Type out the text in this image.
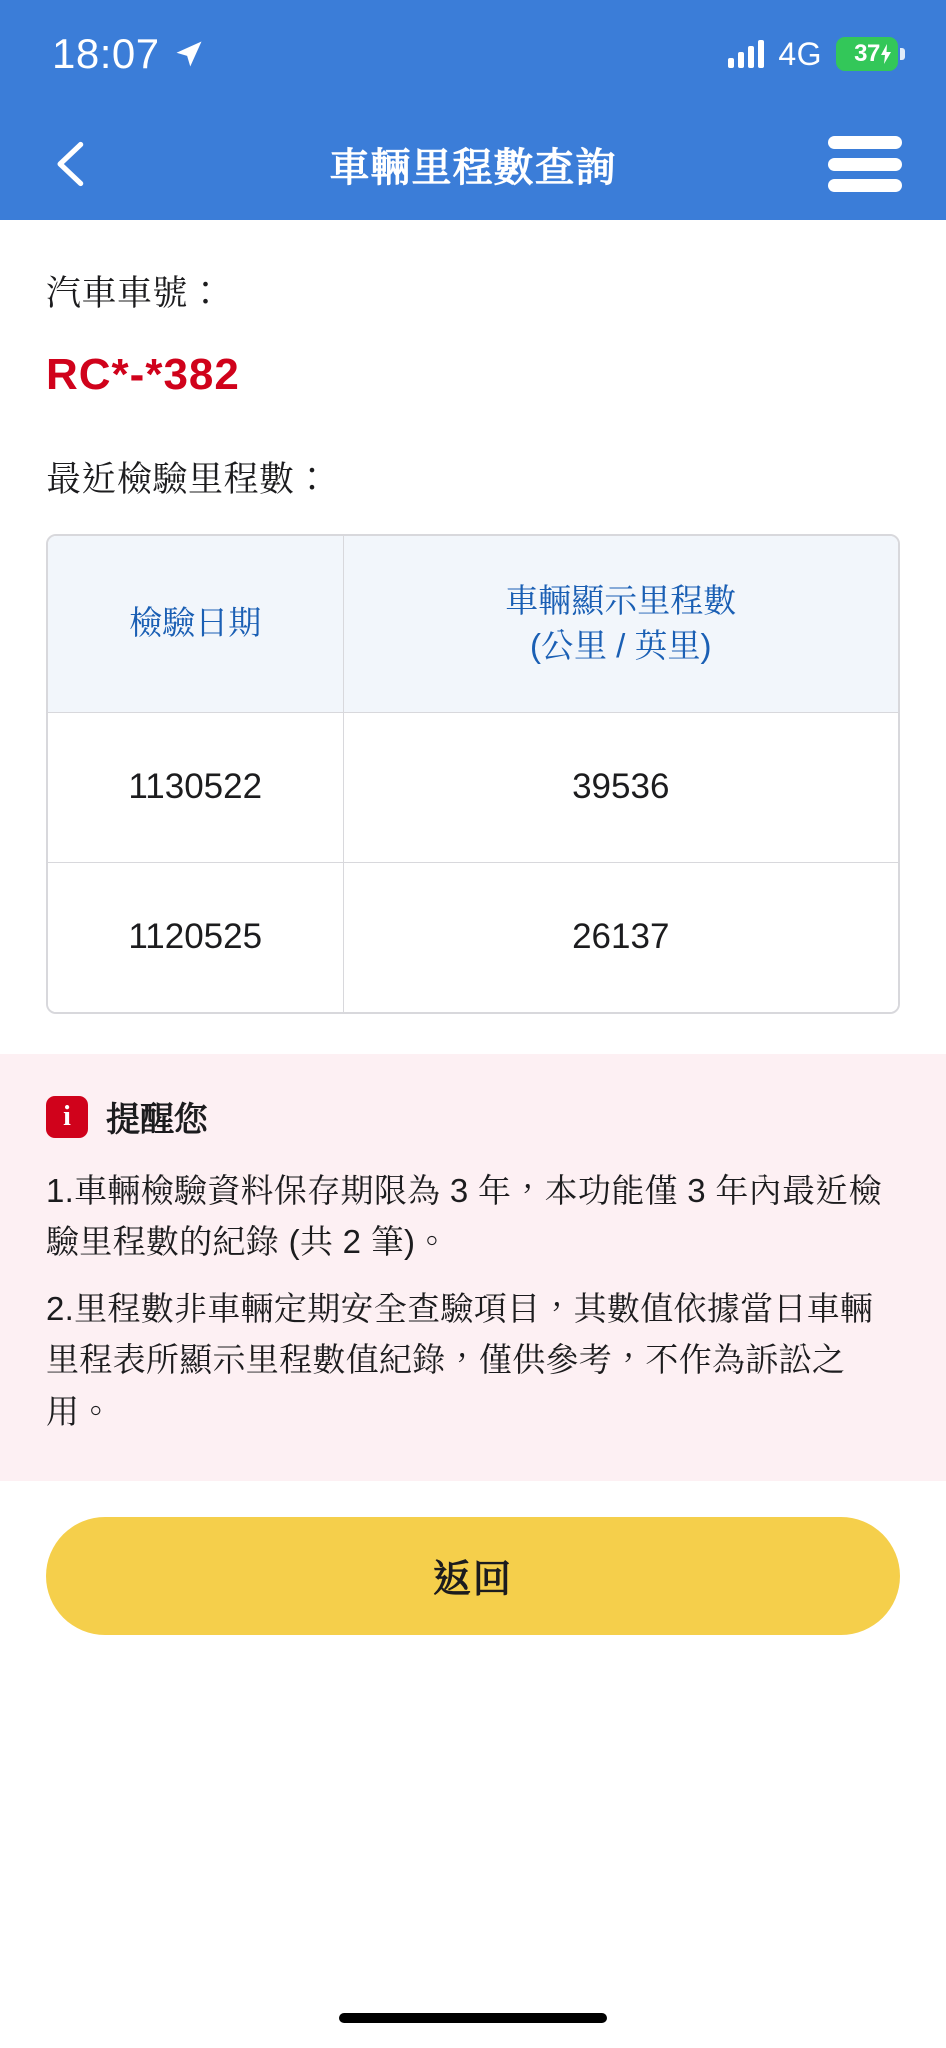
18:07	4G 37
車輛里程數查詢
汽車車號：
RC*-*382
最近檢驗里程數：
檢驗日期	車輛顯示里程數
(公里 / 英里)
1130522	39536
1120525	26137
i	提醒您

1.車輛檢驗資料保存期限為 3 年，本功能僅 3 年內最近檢驗里程數的紀錄 (共 2 筆)。

2.里程數非車輛定期安全查驗項目，其數值依據當日車輛里程表所顯示里程數值紀錄，僅供參考，不作為訴訟之用。

返回
